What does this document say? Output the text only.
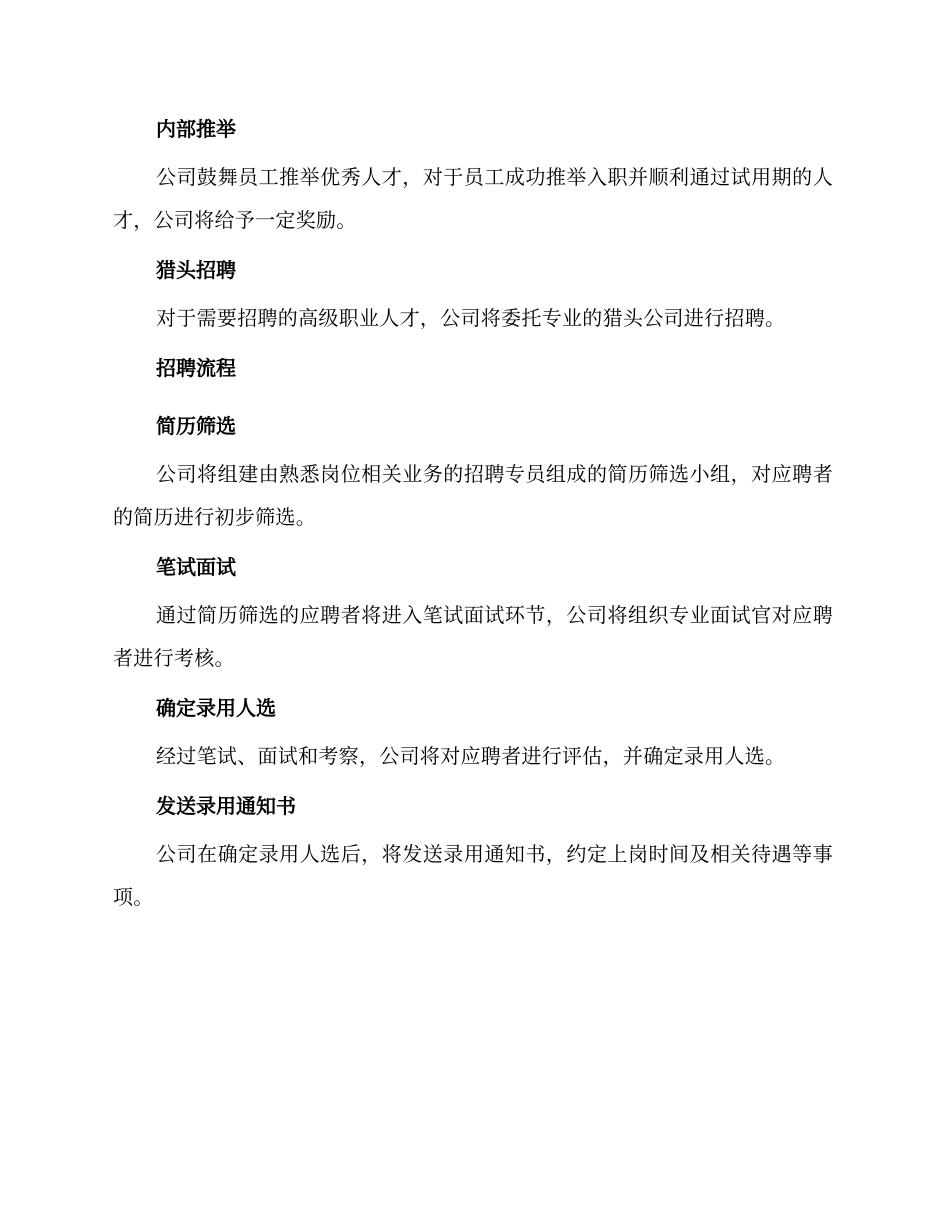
内部推举

公司鼓舞员工推举优秀人才，对于员工成功推举入职并顺利通过试用期的人才，公司将给予一定奖励。

猎头招聘

对于需要招聘的高级职业人才，公司将委托专业的猎头公司进行招聘。

招聘流程
简历筛选

公司将组建由熟悉岗位相关业务的招聘专员组成的简历筛选小组，对应聘者的简历进行初步筛选。

笔试面试

通过简历筛选的应聘者将进入笔试面试环节，公司将组织专业面试官对应聘者进行考核。

确定录用人选

经过笔试、面试和考察，公司将对应聘者进行评估，并确定录用人选。

发送录用通知书

公司在确定录用人选后，将发送录用通知书，约定上岗时间及相关待遇等事项。
